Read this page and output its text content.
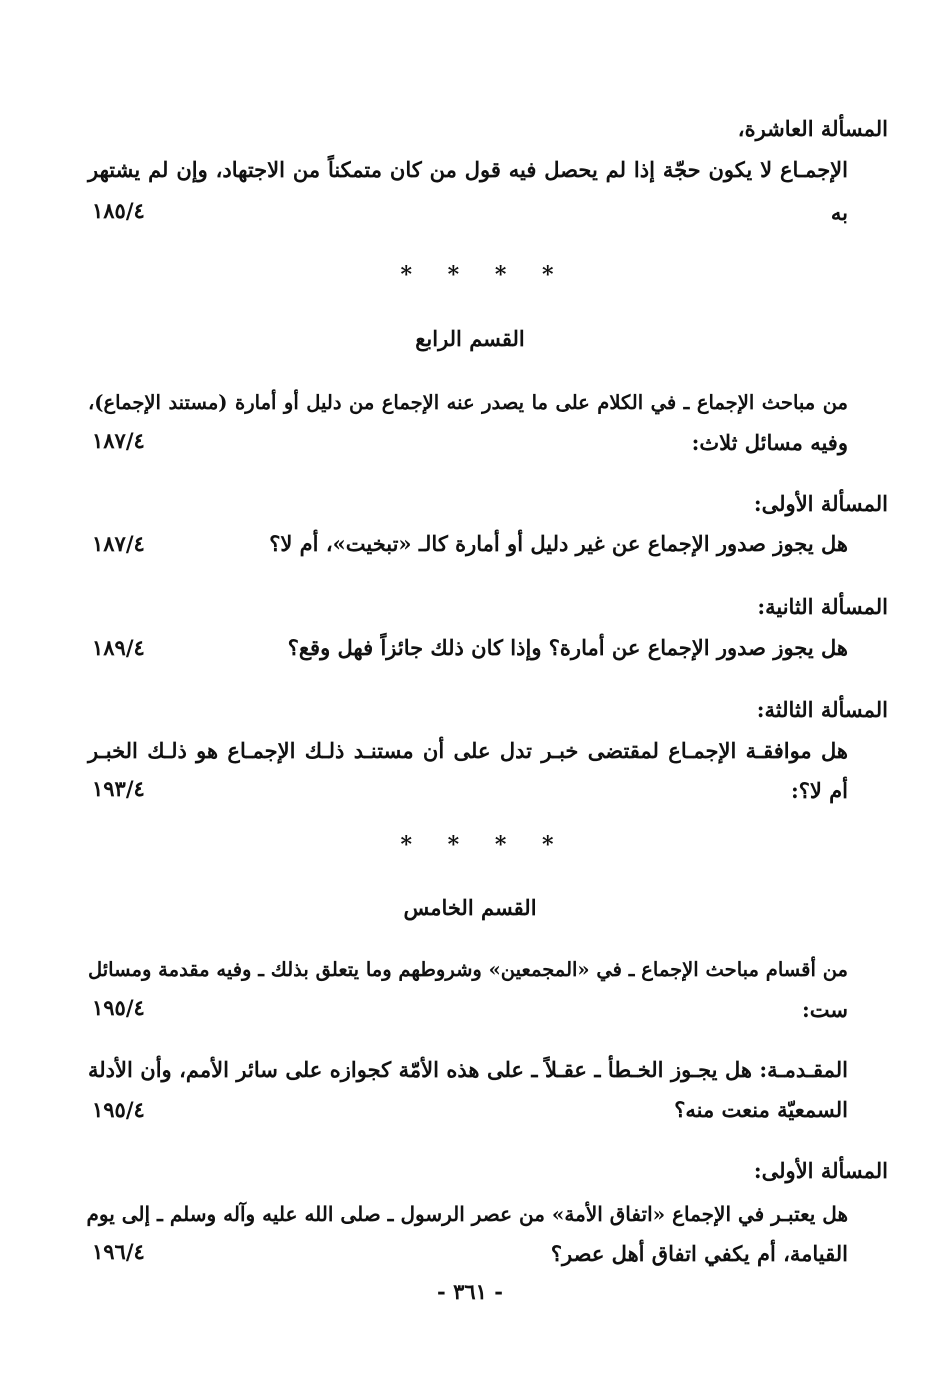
المسألة العاشرة،
الإجمـاع لا يكون حجّة إذا لم يحصل فيه قول من كان متمكناً من الاجتهاد، وإن لم يشتهر
به
١٨٥/٤
* * * *
القسم الرابع
من مباحث الإجماع ـ في الكلام على ما يصدر عنه الإجماع من دليل أو أمارة (مستند الإجماع)،
وفيه مسائل ثلاث:
١٨٧/٤
المسألة الأولى:
هل يجوز صدور الإجماع عن غير دليل أو أمارة كالـ «تبخيت»، أم لا؟
١٨٧/٤
المسألة الثانية:
هل يجوز صدور الإجماع عن أمارة؟ وإذا كان ذلك جائزاً فهل وقع؟
١٨٩/٤
المسألة الثالثة:
هل موافقـة الإجمـاع لمقتضى خبـر تدل على أن مستنـد ذلـك الإجمـاع هو ذلـك الخبـر
أم لا؟:
١٩٣/٤
* * * *
القسم الخامس
من أقسام مباحث الإجماع ـ في «المجمعين» وشروطهم وما يتعلق بذلك ـ وفيه مقدمة ومسائل
ست:
١٩٥/٤
المقـدمـة: هل يجـوز الخـطأ ـ عقـلاً ـ على هذه الأمّة كجوازه على سائر الأمم، وأن الأدلة
السمعيّة منعت منه؟
١٩٥/٤
المسألة الأولى:
هل يعتبـر في الإجماع «اتفاق الأمة» من عصر الرسول ـ صلى الله عليه وآله وسلم ـ إلى يوم
القيامة، أم يكفي اتفاق أهل عصر؟
١٩٦/٤
- ٣٦١ -
